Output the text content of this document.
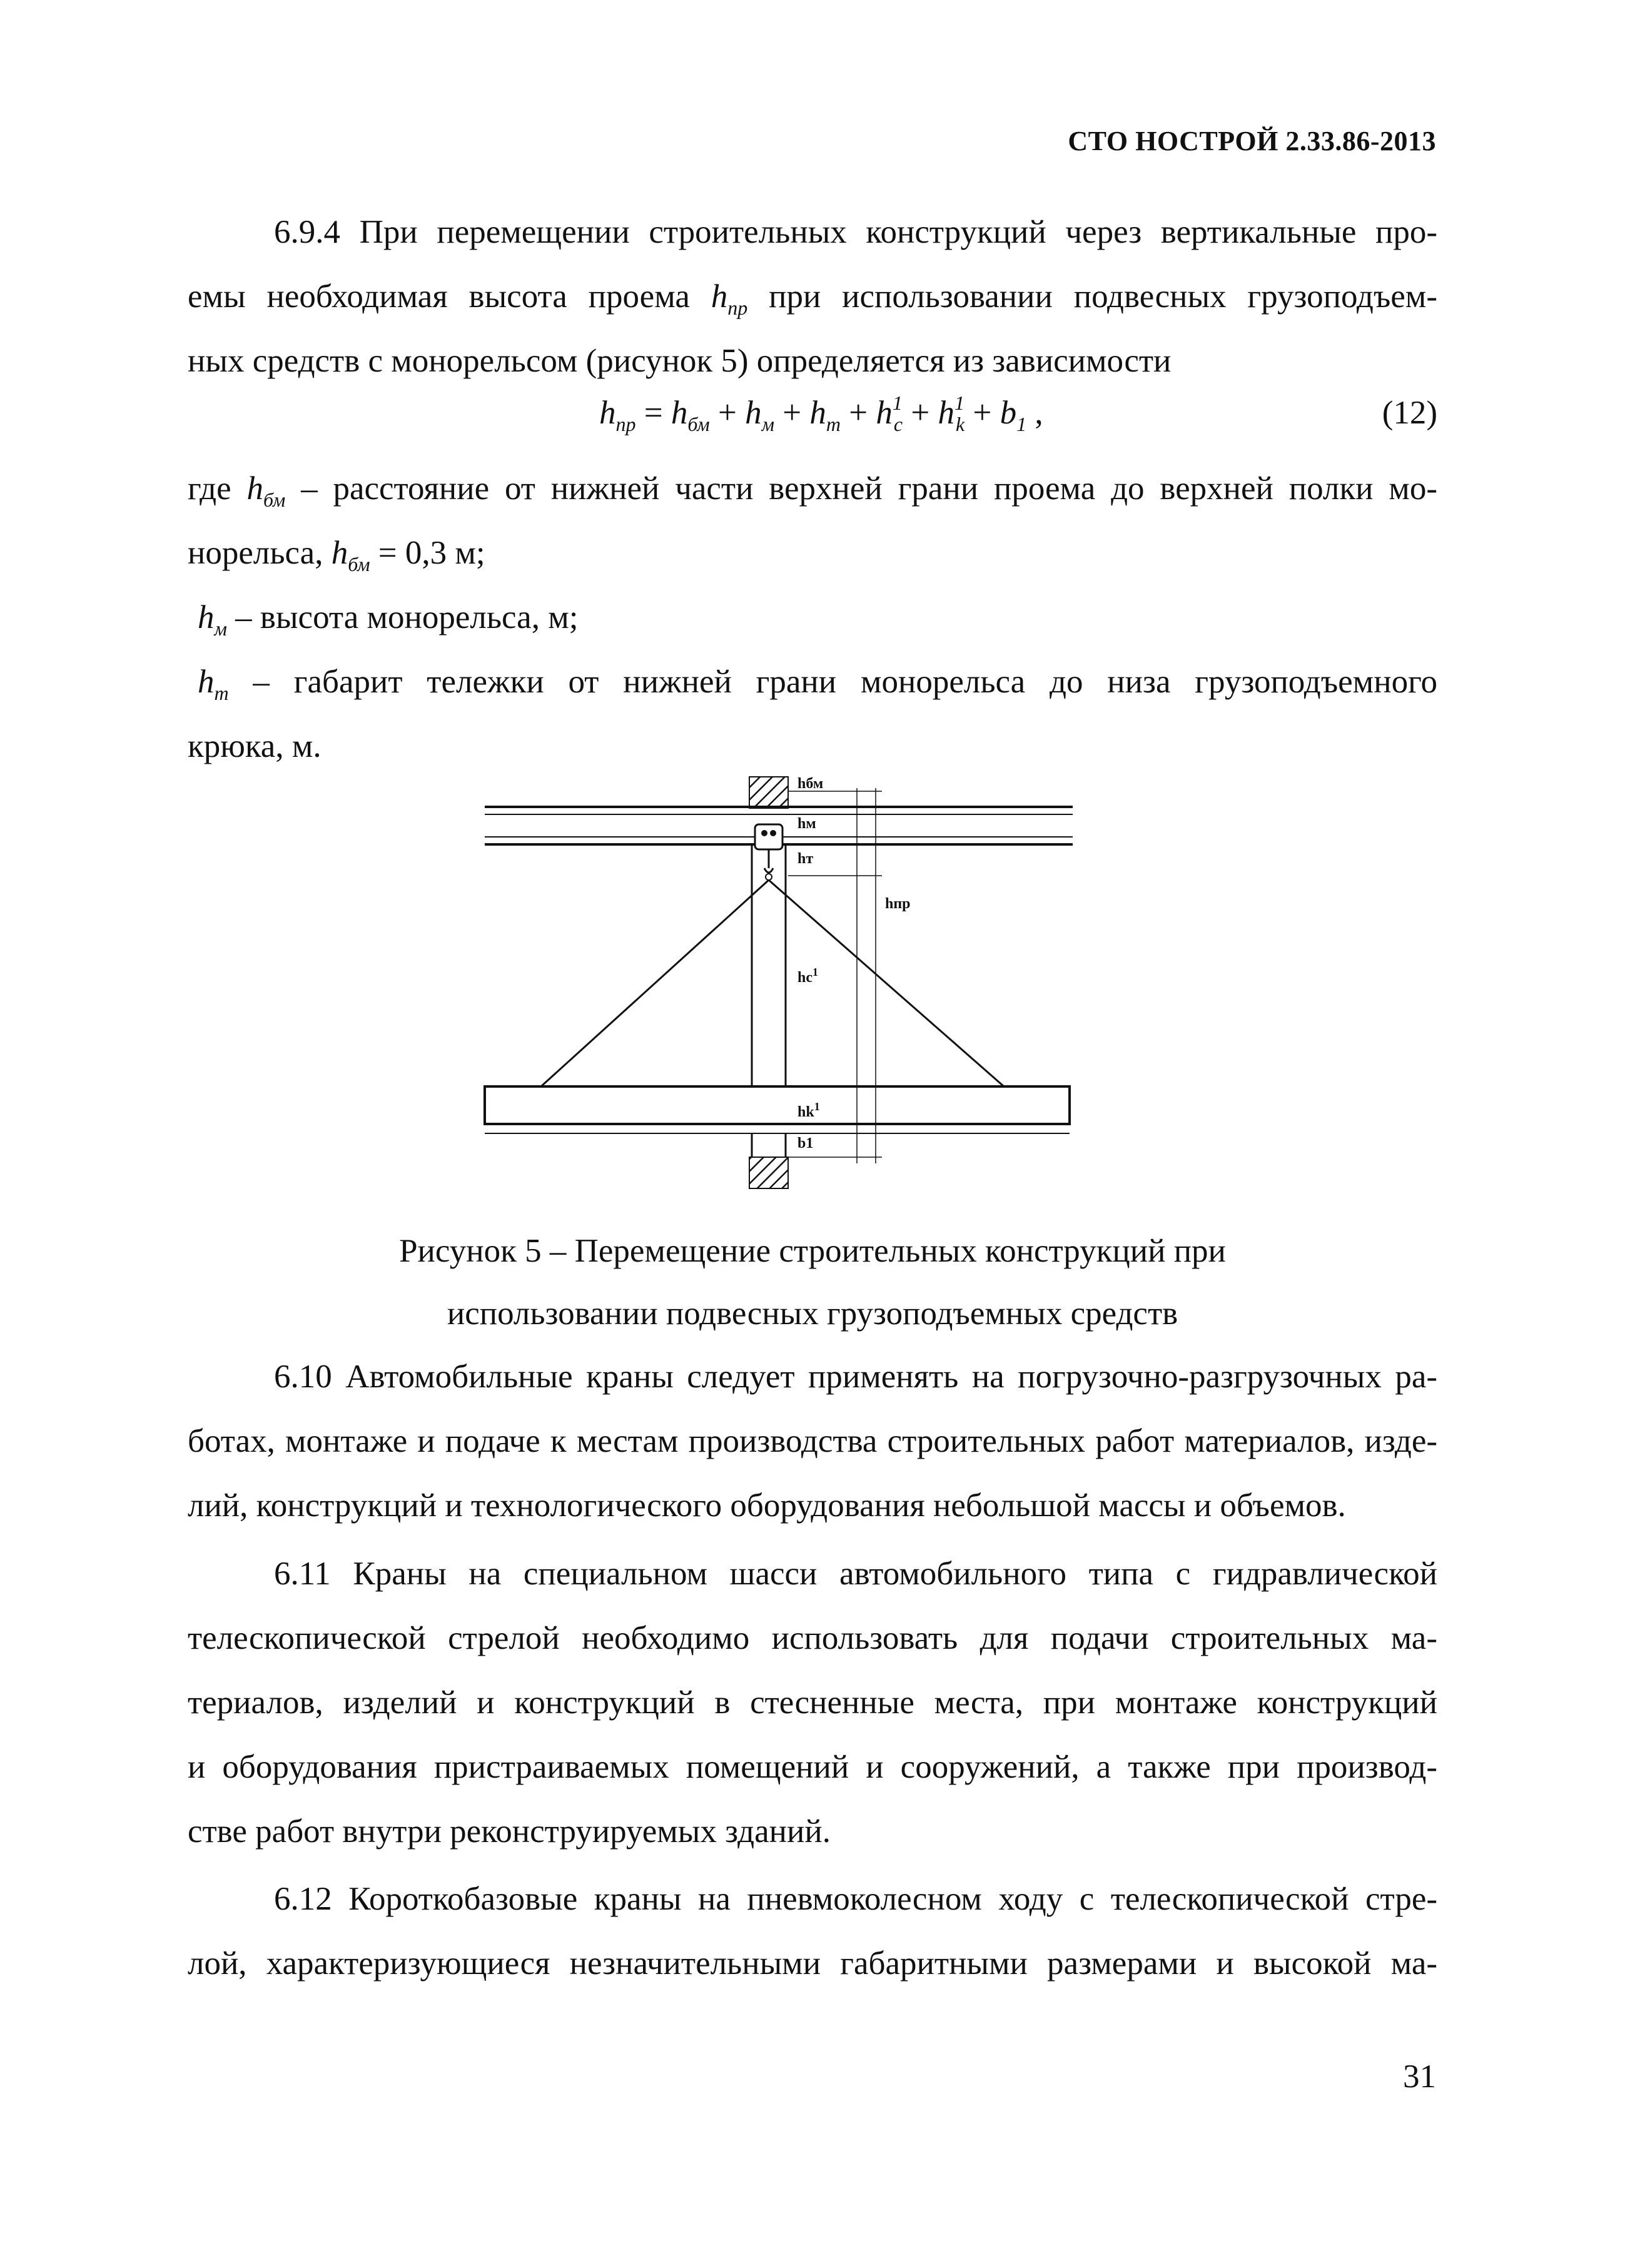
СТО НОСТРОЙ 2.33.86-2013
6.9.4 При перемещении строительных конструкций через вертикальные про-
емы необходимая высота проема $h_{пр}$ при использовании подвесных грузоподъем-
ных средств с монорельсом (рисунок 5) определяется из зависимости
$h_{пр} = h_{бм} + h_м + h_т + h^1_с + h^1_k + b_1$ ,	(12)
где $h_{бм}$ – расстояние от нижней части верхней грани проема до верхней полки мо-
норельса, $h_{бм} = 0,3$ м;
$h_м$ – высота монорельса, м;
$h_т$ – габарит тележки от нижней грани монорельса до низа грузоподъемного
крюка, м.
hбм
hм
hт
hпр
$hс^1$
$hk^1$
b1
Рисунок 5 – Перемещение строительных конструкций при
использовании подвесных грузоподъемных средств
6.10 Автомобильные краны следует применять на погрузочно-разгрузочных ра-
ботах, монтаже и подаче к местам производства строительных работ материалов, изде-
лий, конструкций и технологического оборудования небольшой массы и объемов.
6.11 Краны на специальном шасси автомобильного типа с гидравлической
телескопической стрелой необходимо использовать для подачи строительных ма-
териалов, изделий и конструкций в стесненные места, при монтаже конструкций
и оборудования пристраиваемых помещений и сооружений, а также при производ-
стве работ внутри реконструируемых зданий.
6.12 Короткобазовые краны на пневмоколесном ходу с телескопической стре-
лой, характеризующиеся незначительными габаритными размерами и высокой ма-
31
